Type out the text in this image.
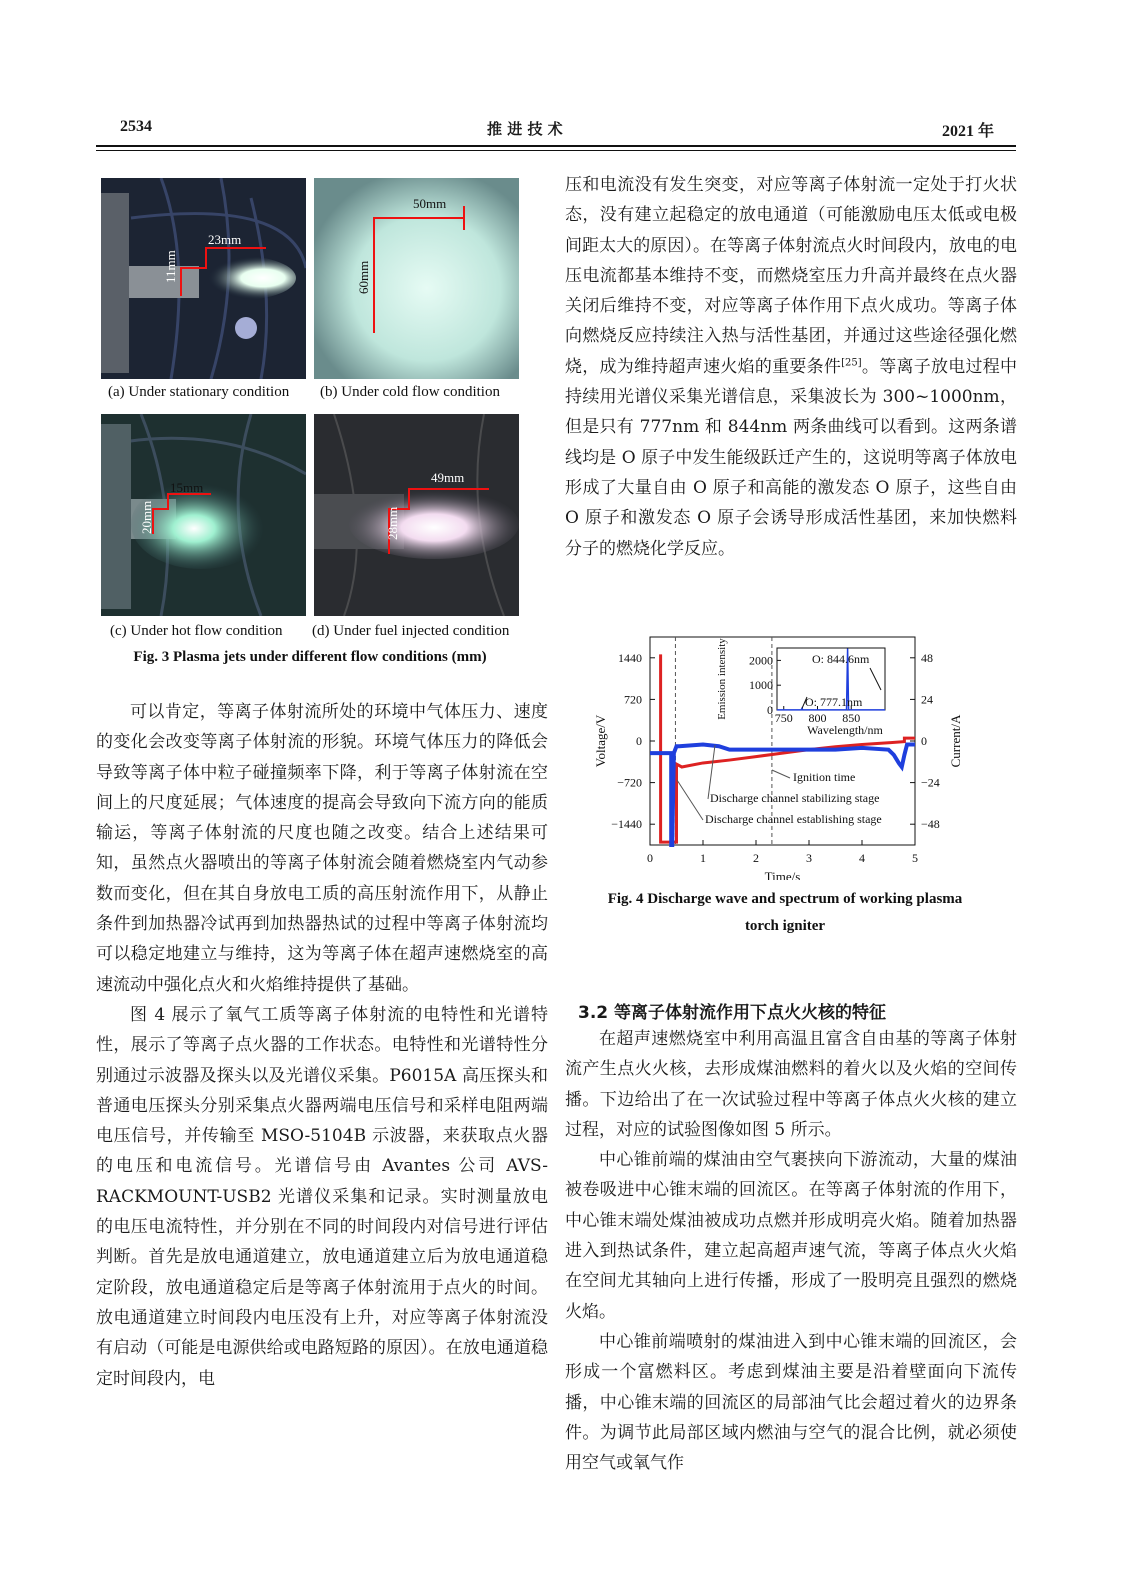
2534	推 进 技 术	2021 年
23mm
11mm
50mm
60mm
(a) Under stationary condition (b) Under cold flow condition
15mm
20mm
49mm
28mm
(c) Under hot flow condition (d) Under fuel injected condition
Fig. 3 Plasma jets under different flow conditions (mm)

可以肯定，等离子体射流所处的环境中气体压力、速度的变化会改变等离子体射流的形貌。环境气体压力的降低会导致等离子体中粒子碰撞频率下降，利于等离子体射流在空间上的尺度延展；气体速度的提高会导致向下流方向的能质输运，等离子体射流的尺度也随之改变。结合上述结果可知，虽然点火器喷出的等离子体射流会随着燃烧室内气动参数而变化，但在其自身放电工质的高压射流作用下，从静止条件到加热器冷试再到加热器热试的过程中等离子体射流均可以稳定地建立与维持，这为等离子体在超声速燃烧室的高速流动中强化点火和火焰维持提供了基础。

图 4 展示了氧气工质等离子体射流的电特性和光谱特性，展示了等离子点火器的工作状态。电特性和光谱特性分别通过示波器及探头以及光谱仪采集。P6015A 高压探头和普通电压探头分别采集点火器两端电压信号和采样电阻两端电压信号，并传输至 MSO-5104B 示波器，来获取点火器的电压和电流信号。光谱信号由 Avantes 公司 AVS-RACKMOUNT-USB2 光谱仪采集和记录。实时测量放电的电压电流特性，并分别在不同的时间段内对信号进行评估判断。首先是放电通道建立，放电通道建立后为放电通道稳定阶段，放电通道稳定后是等离子体射流用于点火的时间。放电通道建立时间段内电压没有上升，对应等离子体射流没有启动（可能是电源供给或电路短路的原因）。在放电通道稳定时间段内，电

压和电流没有发生突变，对应等离子体射流一定处于打火状态，没有建立起稳定的放电通道（可能激励电压太低或电极间距太大的原因）。在等离子体射流点火时间段内，放电的电压电流都基本维持不变，而燃烧室压力升高并最终在点火器关闭后维持不变，对应等离子体作用下点火成功。等离子体向燃烧反应持续注入热与活性基团，并通过这些途径强化燃烧，成为维持超声速火焰的重要条件[25]。等离子放电过程中持续用光谱仪采集光谱信息，采集波长为 300~1000nm，但是只有 777nm 和 844nm 两条曲线可以看到。这两条谱线均是 O 原子中发生能级跃迁产生的，这说明等离子体放电形成了大量自由 O 原子和高能的激发态 O 原子，这些自由 O 原子和激发态 O 原子会诱导形成活性基团，来加快燃料分子的燃烧化学反应。

0	1	2	3	4	5
1440
720
0
−720
−1440
48
24
0
−24
−48
Time/s
Voltage/V	Current/A
Ignition time
Discharge channel stabilizing stage
Discharge channel establishing stage
750 800 850
0
1000
2000
Wavelength/nm
Emission intensity	O: 844.6nm
O: 777.1nm
Fig. 4 Discharge wave and spectrum of working plasma
torch igniter
3.2 等离子体射流作用下点火火核的特征

在超声速燃烧室中利用高温且富含自由基的等离子体射流产生点火火核，去形成煤油燃料的着火以及火焰的空间传播。下边给出了在一次试验过程中等离子体点火火核的建立过程，对应的试验图像如图 5 所示。

中心锥前端的煤油由空气裹挟向下游流动，大量的煤油被卷吸进中心锥末端的回流区。在等离子体射流的作用下，中心锥末端处煤油被成功点燃并形成明亮火焰。随着加热器进入到热试条件，建立起高超声速气流，等离子体点火火焰在空间尤其轴向上进行传播，形成了一股明亮且强烈的燃烧火焰。

中心锥前端喷射的煤油进入到中心锥末端的回流区，会形成一个富燃料区。考虑到煤油主要是沿着壁面向下流传播，中心锥末端的回流区的局部油气比会超过着火的边界条件。为调节此局部区域内燃油与空气的混合比例，就必须使用空气或氧气作
